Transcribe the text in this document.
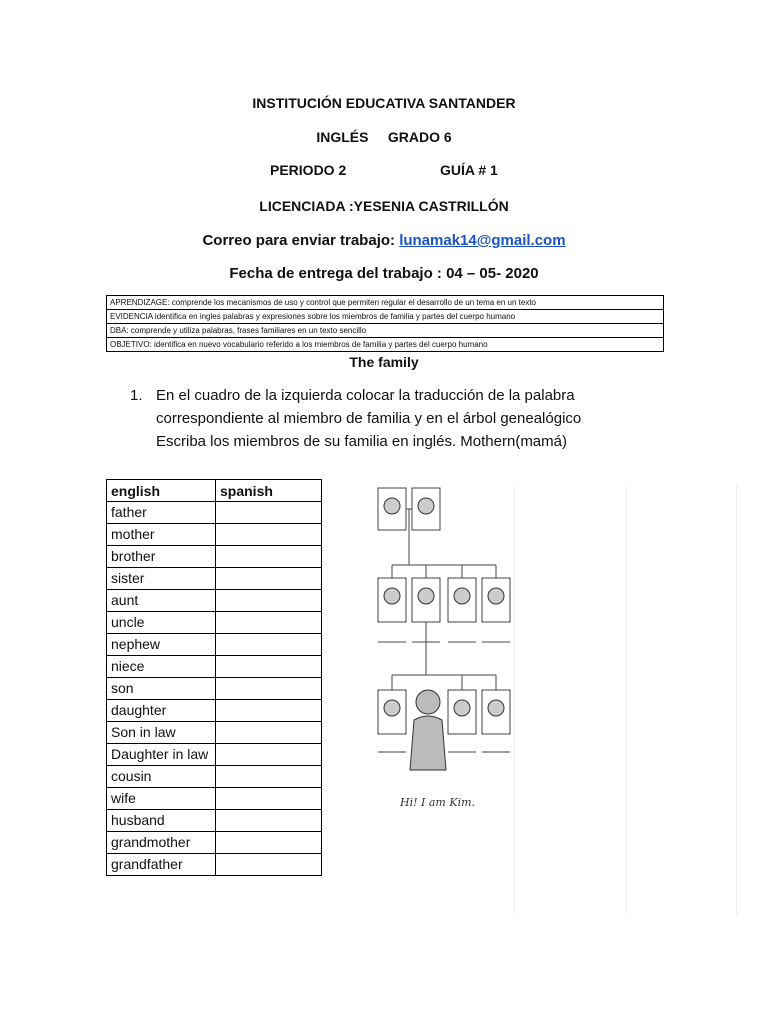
INSTITUCIÓN EDUCATIVA SANTANDER
INGLÉS     GRADO 6
PERIODO 2	GUÍA # 1
LICENCIADA :YESENIA CASTRILLÓN
Correo para enviar trabajo: lunamak14@gmail.com
Fecha de entrega del trabajo : 04 – 05- 2020
APRENDIZAGE: comprende los mecanismos de uso y control que permiten regular el desarrollo de un tema en un texto
EVIDENCIA identifica en ingles palabras y expresiones sobre los miembros de familia y partes del cuerpo humano
DBA: comprende y utiliza palabras, frases familiares en un texto sencillo
OBJETIVO: identifica en nuevo vocabulario referido a los miembros de familia y partes del cuerpo humano
The family
1. En el cuadro de la izquierda colocar la traducción de la palabra correspondiente al miembro de familia y en el árbol genealógico Escriba los miembros de su familia en inglés. Mothern(mamá)
english	spanish
father	
mother	
brother	
sister	
aunt	
uncle	
nephew	
niece	
son	
daughter	
Son in law	
Daughter in law	
cousin	
wife	
husband	
grandmother	
grandfather	
Hi! I am Kim.
